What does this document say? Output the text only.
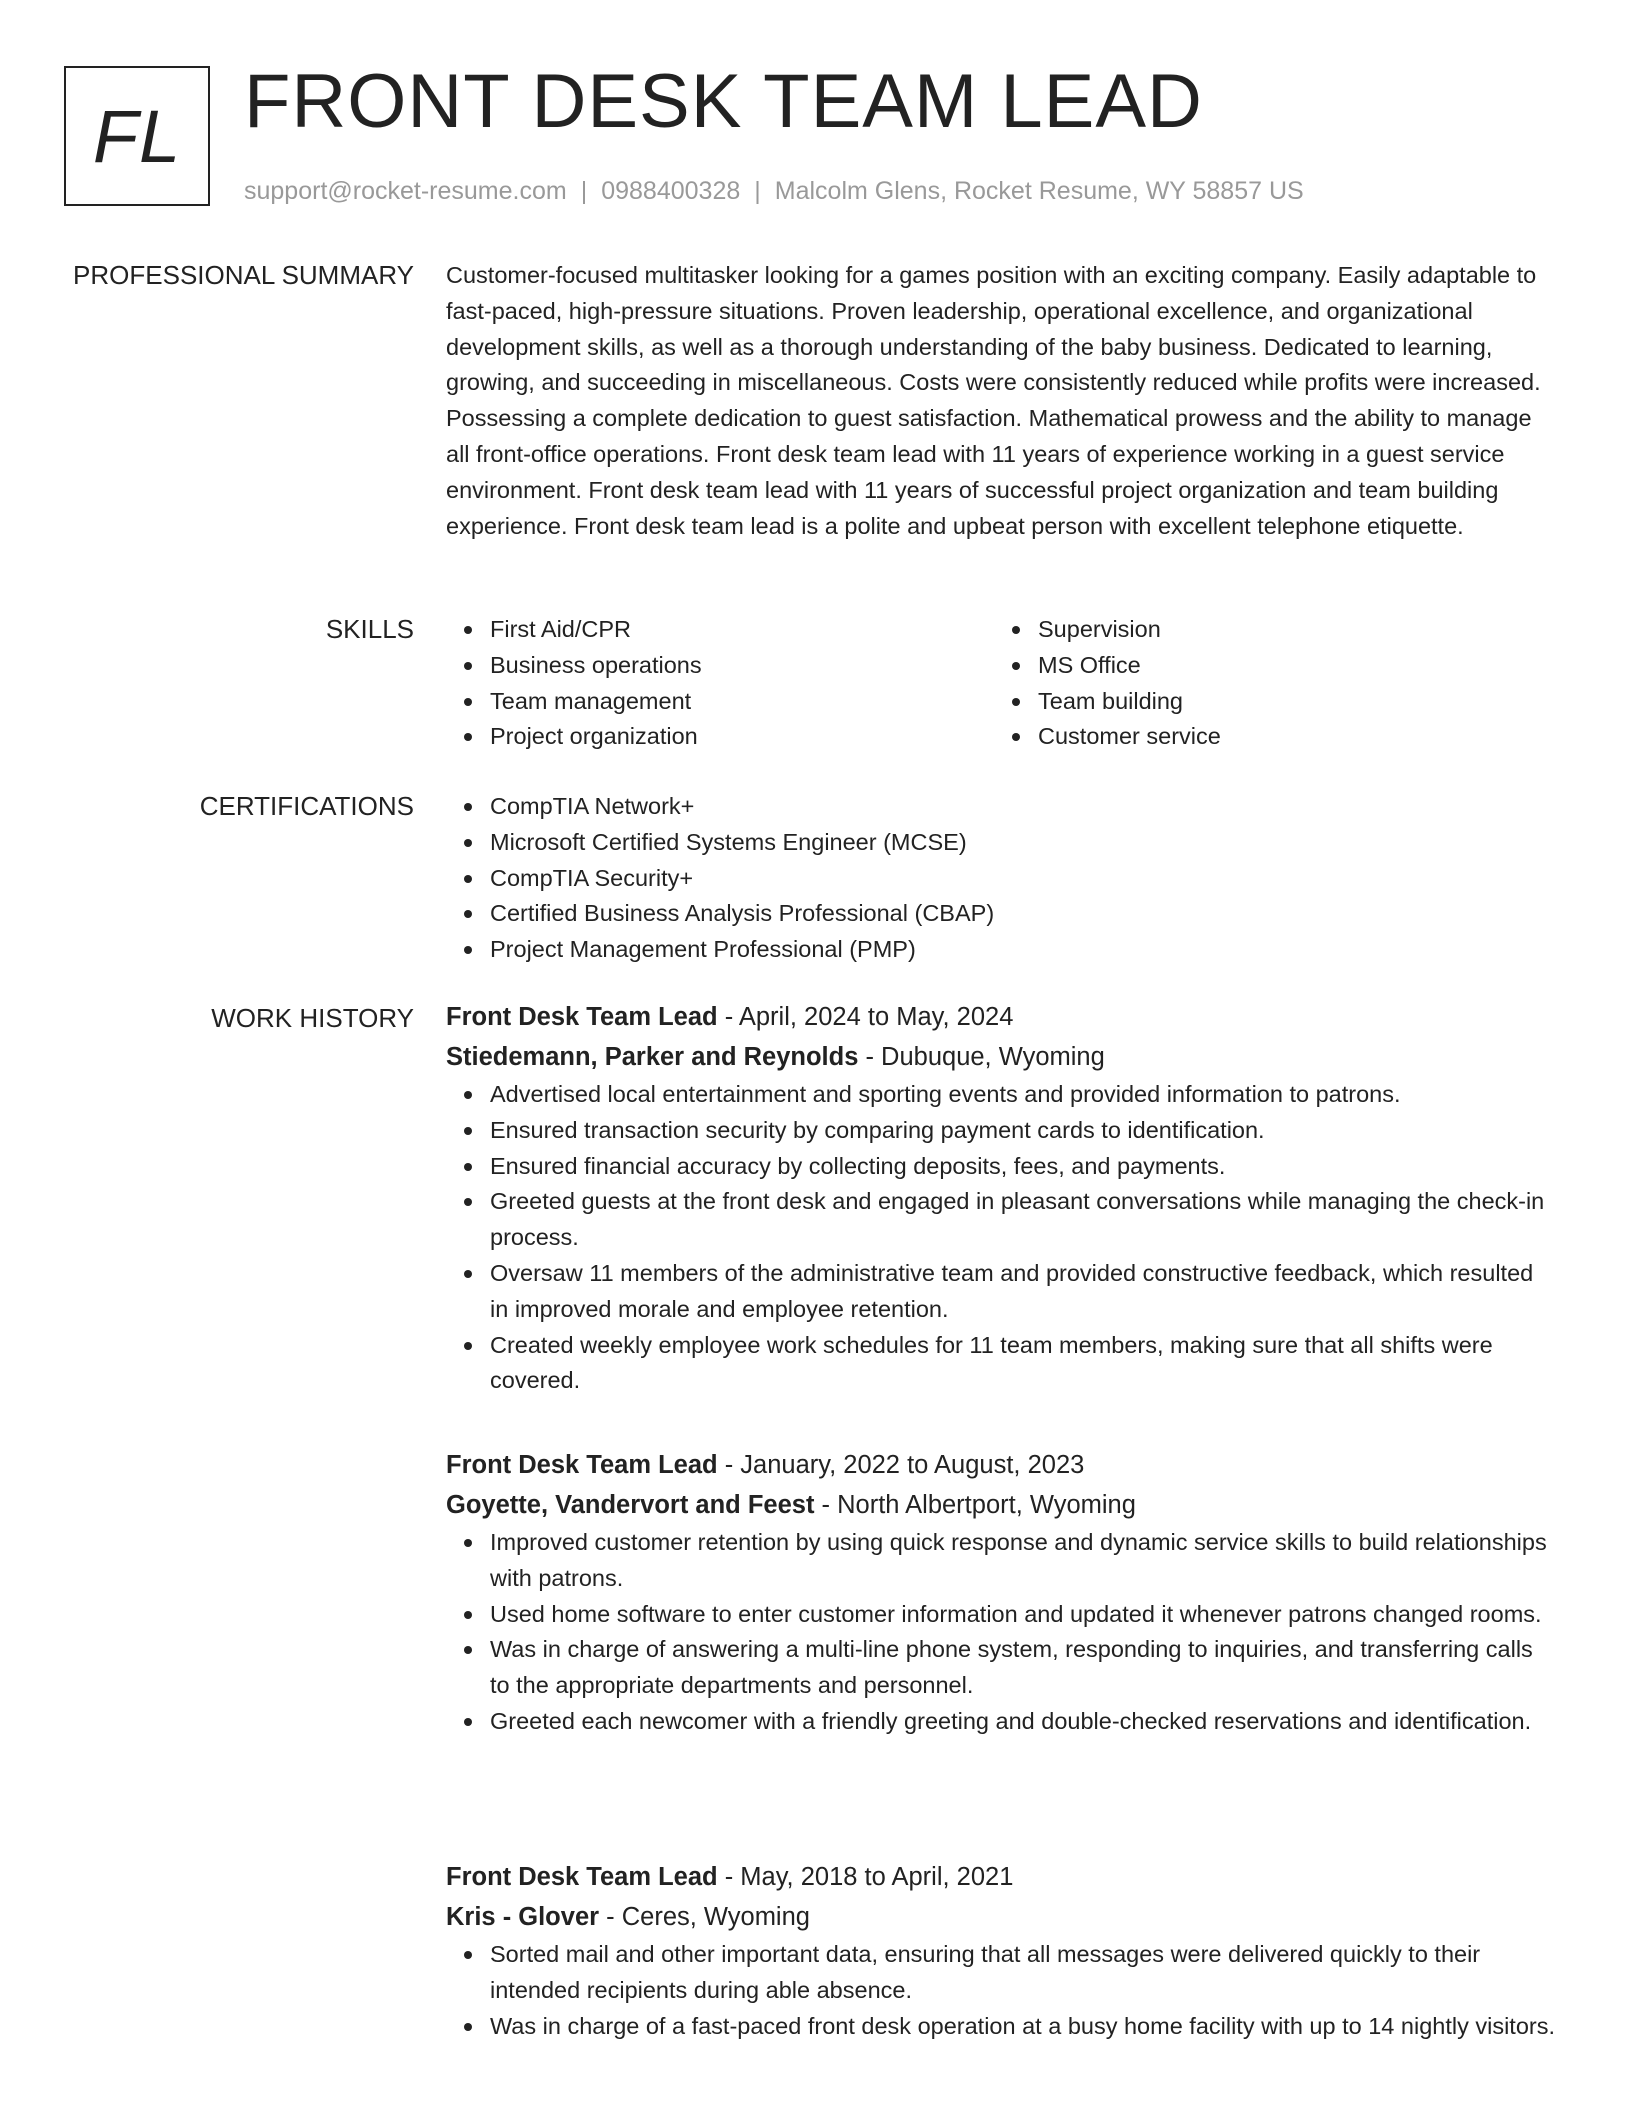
FL FRONT DESK TEAM LEAD
support@rocket-resume.com | 0988400328 | Malcolm Glens, Rocket Resume, WY 58857 US
PROFESSIONAL SUMMARY Customer-focused multitasker looking for a games position with an exciting company. Easily adaptable to fast-paced, high-pressure situations. Proven leadership, operational excellence, and organizational development skills, as well as a thorough understanding of the baby business. Dedicated to learning, growing, and succeeding in miscellaneous. Costs were consistently reduced while profits were increased. Possessing a complete dedication to guest satisfaction. Mathematical prowess and the ability to manage all front-office operations. Front desk team lead with 11 years of experience working in a guest service environment. Front desk team lead with 11 years of successful project organization and team building experience. Front desk team lead is a polite and upbeat person with excellent telephone etiquette.

SKILLS	First Aid/CPR
Business operations
Team management
Project organization
Supervision
MS Office
Team building
Customer service
CERTIFICATIONS	CompTIA Network+
Microsoft Certified Systems Engineer (MCSE)
CompTIA Security+
Certified Business Analysis Professional (CBAP)
Project Management Professional (PMP)
WORK HISTORY Front Desk Team Lead - April, 2024 to May, 2024
Stiedemann, Parker and Reynolds - Dubuque, Wyoming
Advertised local entertainment and sporting events and provided information to patrons.
Ensured transaction security by comparing payment cards to identification.
Ensured financial accuracy by collecting deposits, fees, and payments.
Greeted guests at the front desk and engaged in pleasant conversations while managing the check-in process.
Oversaw 11 members of the administrative team and provided constructive feedback, which resulted in improved morale and employee retention.
Created weekly employee work schedules for 11 team members, making sure that all shifts were covered.
Front Desk Team Lead - January, 2022 to August, 2023
Goyette, Vandervort and Feest - North Albertport, Wyoming
Improved customer retention by using quick response and dynamic service skills to build relationships with patrons.
Used home software to enter customer information and updated it whenever patrons changed rooms.
Was in charge of answering a multi-line phone system, responding to inquiries, and transferring calls to the appropriate departments and personnel.
Greeted each newcomer with a friendly greeting and double-checked reservations and identification.
Front Desk Team Lead - May, 2018 to April, 2021
Kris - Glover - Ceres, Wyoming
Sorted mail and other important data, ensuring that all messages were delivered quickly to their intended recipients during able absence.
Was in charge of a fast-paced front desk operation at a busy home facility with up to 14 nightly visitors.
